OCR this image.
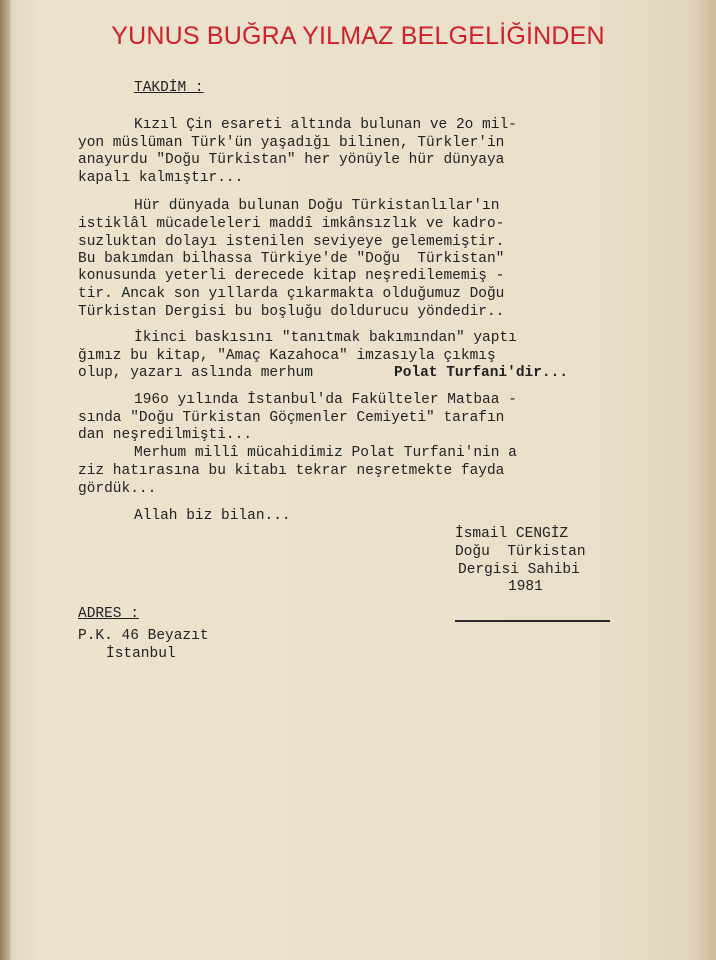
YUNUS BUĞRA YILMAZ BELGELİĞİNDEN
TAKDİM :
Kızıl Çin esareti altında bulunan ve 2o mil-
yon müslüman Türk'ün yaşadığı bilinen, Türkler'in
anayurdu "Doğu Türkistan" her yönüyle hür dünyaya
kapalı kalmıştır...
Hür dünyada bulunan Doğu Türkistanlılar'ın
istiklâl mücadeleleri maddî imkânsızlık ve kadro-
suzluktan dolayı istenilen seviyeye gelememiştir.
Bu bakımdan bilhassa Türkiye'de "Doğu  Türkistan"
konusunda yeterli derecede kitap neşredilememiş -
tir. Ancak son yıllarda çıkarmakta olduğumuz Doğu
Türkistan Dergisi bu boşluğu doldurucu yöndedir..
İkinci baskısını "tanıtmak bakımından" yaptı
ğımız bu kitap, "Amaç Kazahoca" imzasıyla çıkmış
olup, yazarı aslında merhum	Polat Turfani'dir...
196o yılında İstanbul'da Fakülteler Matbaa -
sında "Doğu Türkistan Göçmenler Cemiyeti" tarafın
dan neşredilmişti...
Merhum millî mücahidimiz Polat Turfani'nin a
ziz hatırasına bu kitabı tekrar neşretmekte fayda
gördük...
Allah biz bilan...
İsmail CENGİZ
Doğu  Türkistan
Dergisi Sahibi
1981
ADRES :
P.K. 46 Beyazıt
İstanbul
